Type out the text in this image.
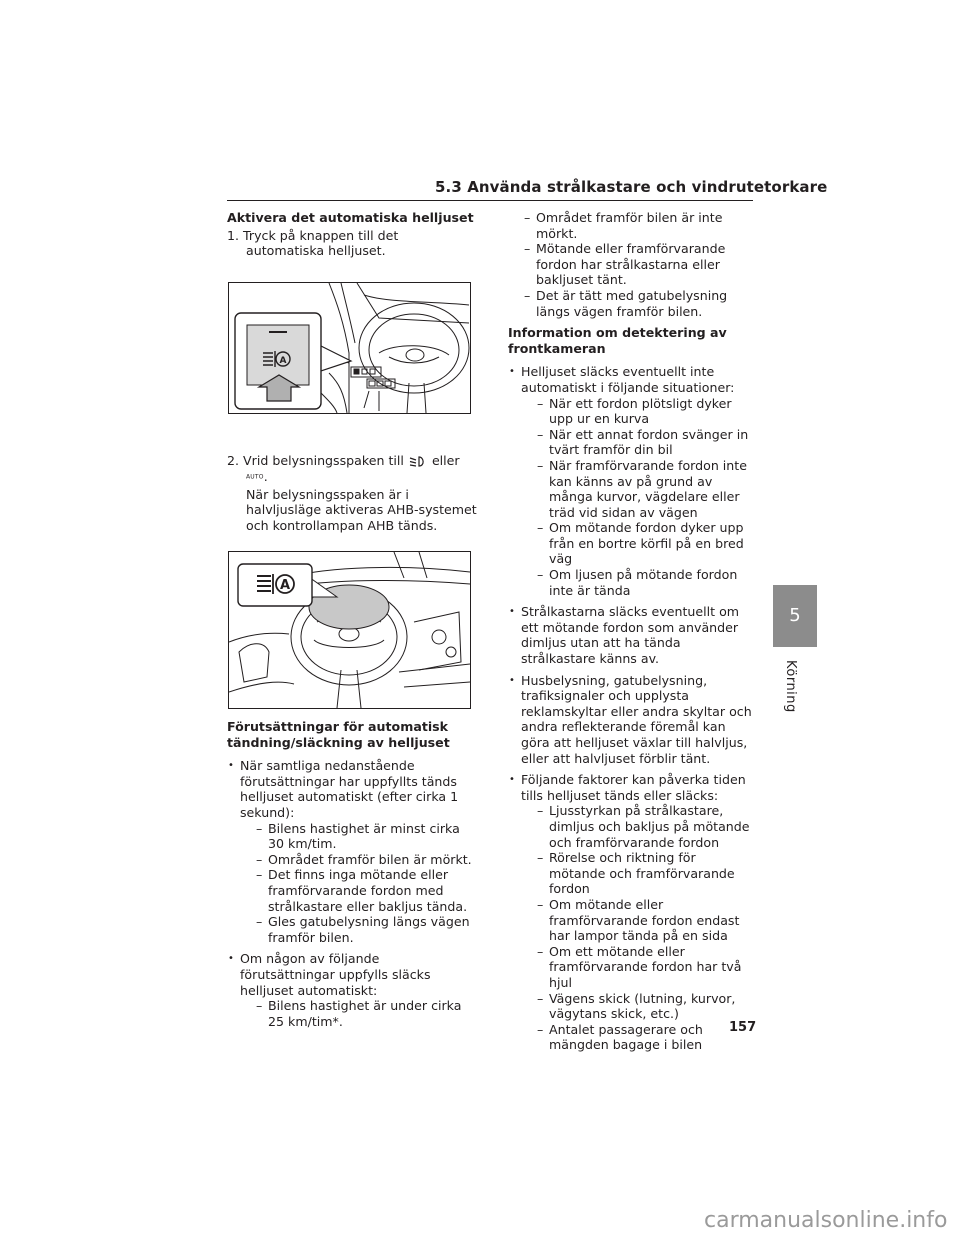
5.3 Använda strålkastare och vindrutetorkare

Aktivera det automatiska helljuset

1. Tryck på knappen till det automatiska helljuset.

A

2. Vrid belysningsspaken till eller

AUTO.

När belysningsspaken är i halvljusläge aktiveras AHB-systemet och kontrollampan AHB tänds.

A

Förutsättningar för automatisk tändning/släckning av helljuset

• När samtliga nedanstående förutsättningar har uppfyllts tänds helljuset automatiskt (efter cirka 1 sekund):

– Bilens hastighet är minst cirka 30 km/tim.

– Området framför bilen är mörkt.

– Det finns inga mötande eller framförvarande fordon med strålkastare eller bakljus tända.

– Gles gatubelysning längs vägen framför bilen.

• Om någon av följande förutsättningar uppfylls släcks helljuset automatiskt:

– Bilens hastighet är under cirka 25 km/tim*.

– Området framför bilen är inte mörkt.

– Mötande eller framförvarande fordon har strålkastarna eller bakljuset tänt.

– Det är tätt med gatubelysning längs vägen framför bilen.

Information om detektering av frontkameran

• Helljuset släcks eventuellt inte automatiskt i följande situationer:

– När ett fordon plötsligt dyker upp ur en kurva

– När ett annat fordon svänger in tvärt framför din bil

– När framförvarande fordon inte kan känns av på grund av många kurvor, vägdelare eller träd vid sidan av vägen

– Om mötande fordon dyker upp från en bortre körfil på en bred väg

– Om ljusen på mötande fordon inte är tända

• Strålkastarna släcks eventuellt om ett mötande fordon som använder dimljus utan att ha tända strålkastare känns av.
• Husbelysning, gatubelysning, trafiksignaler och upplysta reklamskyltar eller andra skyltar och andra reflekterande föremål kan göra att helljuset växlar till halvljus, eller att halvljuset förblir tänt.
• Följande faktorer kan påverka tiden tills helljuset tänds eller släcks:

– Ljusstyrkan på strålkastare, dimljus och bakljus på mötande och framförvarande fordon

– Rörelse och riktning för mötande och framförvarande fordon

– Om mötande eller framförvarande fordon endast har lampor tända på en sida

– Om ett mötande eller framförvarande fordon har två hjul

– Vägens skick (lutning, kurvor, vägytans skick, etc.)

– Antalet passagerare och mängden bagage i bilen

5
Körning
157
carmanualsonline.info
